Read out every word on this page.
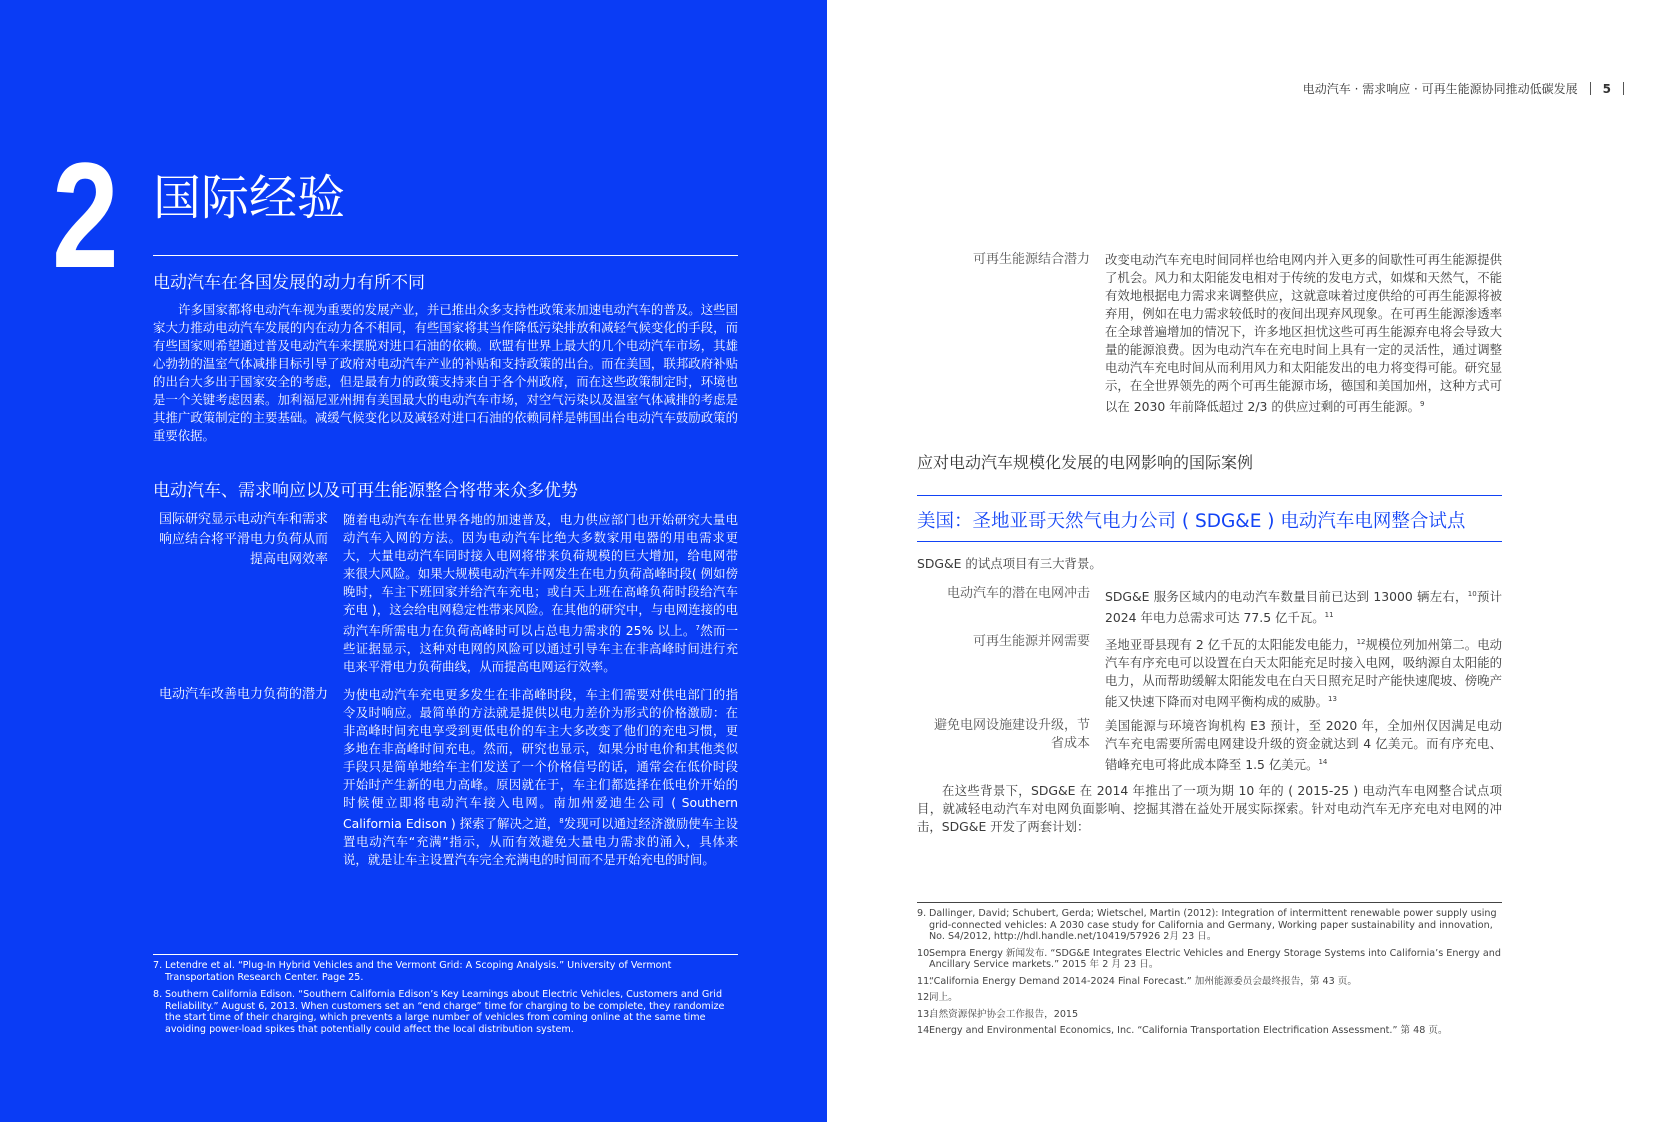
2 国际经验
电动汽车在各国发展的动力有所不同
许多国家都将电动汽车视为重要的发展产业，并已推出众多支持性政策来加速电动汽车的普及。这些国家大力推动电动汽车发展的内在动力各不相同，有些国家将其当作降低污染排放和减轻气候变化的手段，而有些国家则希望通过普及电动汽车来摆脱对进口石油的依赖。欧盟有世界上最大的几个电动汽车市场，其雄心勃勃的温室气体减排目标引导了政府对电动汽车产业的补贴和支持政策的出台。而在美国，联邦政府补贴的出台大多出于国家安全的考虑，但是最有力的政策支持来自于各个州政府，而在这些政策制定时，环境也是一个关键考虑因素。加利福尼亚州拥有美国最大的电动汽车市场，对空气污染以及温室气体减排的考虑是其推广政策制定的主要基础。减缓气候变化以及减轻对进口石油的依赖同样是韩国出台电动汽车鼓励政策的重要依据。
电动汽车、需求响应以及可再生能源整合将带来众多优势
国际研究显示电动汽车和需求响应结合将平滑电力负荷从而提高电网效率
随着电动汽车在世界各地的加速普及，电力供应部门也开始研究大量电动汽车入网的方法。因为电动汽车比绝大多数家用电器的用电需求更大，大量电动汽车同时接入电网将带来负荷规模的巨大增加，给电网带来很大风险。如果大规模电动汽车并网发生在电力负荷高峰时段( 例如傍晚时，车主下班回家并给汽车充电；或白天上班在高峰负荷时段给汽车充电 )，这会给电网稳定性带来风险。在其他的研究中，与电网连接的电动汽车所需电力在负荷高峰时可以占总电力需求的 25% 以上。$^7$然而一些证据显示，这种对电网的风险可以通过引导车主在非高峰时间进行充电来平滑电力负荷曲线，从而提高电网运行效率。
电动汽车改善电力负荷的潜力 为使电动汽车充电更多发生在非高峰时段，车主们需要对供电部门的指令及时响应。最简单的方法就是提供以电力差价为形式的价格激励：在非高峰时间充电享受到更低电价的车主大多改变了他们的充电习惯，更多地在非高峰时间充电。然而，研究也显示，如果分时电价和其他类似手段只是简单地给车主们发送了一个价格信号的话，通常会在低价时段开始时产生新的电力高峰。原因就在于，车主们都选择在低电价开始的时候便立即将电动汽车接入电网。南加州爱迪生公司 ( Southern California Edison ) 探索了解决之道，$^8$发现可以通过经济激励使车主设置电动汽车“充满”指示，从而有效避免大量电力需求的涌入，具体来说，就是让车主设置汽车完全充满电的时间而不是开始充电的时间。
7. Letendre et al. “Plug-In Hybrid Vehicles and the Vermont Grid: A Scoping Analysis.” University of Vermont Transportation Research Center. Page 25.
8. Southern California Edison. “Southern California Edison’s Key Learnings about Electric Vehicles, Customers and Grid Reliability.” August 6, 2013. When customers set an “end charge” time for charging to be complete, they randomize the start time of their charging, which prevents a large number of vehicles from coming online at the same time avoiding power-load spikes that potentially could affect the local distribution system.
电动汽车 · 需求响应 · 可再生能源协同推动低碳发展 5
可再生能源结合潜力 改变电动汽车充电时间同样也给电网内并入更多的间歇性可再生能源提供了机会。风力和太阳能发电相对于传统的发电方式，如煤和天然气，不能有效地根据电力需求来调整供应，这就意味着过度供给的可再生能源将被弃用，例如在电力需求较低时的夜间出现弃风现象。在可再生能源渗透率在全球普遍增加的情况下，许多地区担忧这些可再生能源弃电将会导致大量的能源浪费。因为电动汽车在充电时间上具有一定的灵活性，通过调整电动汽车充电时间从而利用风力和太阳能发出的电力将变得可能。研究显示，在全世界领先的两个可再生能源市场，德国和美国加州，这种方式可以在 2030 年前降低超过 2/3 的供应过剩的可再生能源。$^9$
应对电动汽车规模化发展的电网影响的国际案例
美国：圣地亚哥天然气电力公司 ( SDG&E ) 电动汽车电网整合试点
SDG&E 的试点项目有三大背景。
电动汽车的潜在电网冲击 SDG&E 服务区域内的电动汽车数量目前已达到 13000 辆左右，$^{10}$预计 2024 年电力总需求可达 77.5 亿千瓦。$^{11}$
可再生能源并网需要 圣地亚哥县现有 2 亿千瓦的太阳能发电能力，$^{12}$规模位列加州第二。电动汽车有序充电可以设置在白天太阳能充足时接入电网，吸纳源自太阳能的电力，从而帮助缓解太阳能发电在白天日照充足时产能快速爬坡、傍晚产能又快速下降而对电网平衡构成的威胁。$^{13}$
避免电网设施建设升级，节省成本
美国能源与环境咨询机构 E3 预计，至 2020 年，全加州仅因满足电动汽车充电需要所需电网建设升级的资金就达到 4 亿美元。而有序充电、错峰充电可将此成本降至 1.5 亿美元。$^{14}$
在这些背景下，SDG&E 在 2014 年推出了一项为期 10 年的 ( 2015-25 ) 电动汽车电网整合试点项目，就减轻电动汽车对电网负面影响、挖掘其潜在益处开展实际探索。针对电动汽车无序充电对电网的冲击，SDG&E 开发了两套计划：
9. Dallinger, David; Schubert, Gerda; Wietschel, Martin (2012): Integration of intermittent renewable power supply using grid-connected vehicles: A 2030 case study for California and Germany, Working paper sustainability and innovation, No. S4/2012, http://hdl.handle.net/10419/57926 2月 23 日。
10.
Sempra Energy 新闻发布. “SDG&E Integrates Electric Vehicles and Energy Storage Systems into California’s Energy and Ancillary Service markets.” 2015 年 2 月 23 日。
11.
“California Energy Demand 2014-2024 Final Forecast.” 加州能源委员会最终报告，第 43 页。
12.
同上。
13.
自然资源保护协会工作报告，2015
14.
Energy and Environmental Economics, Inc. “California Transportation Electrification Assessment.” 第 48 页。
